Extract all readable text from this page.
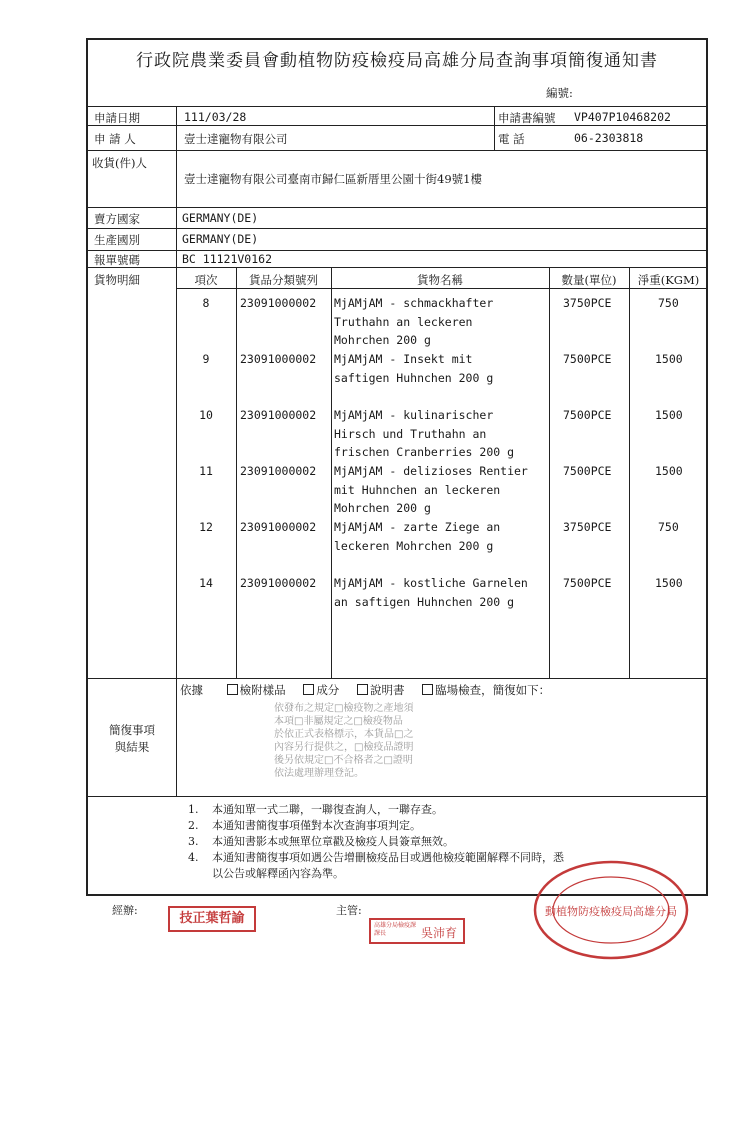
行政院農業委員會動植物防疫檢疫局高雄分局查詢事項簡復通知書
編號:
申請日期	111/03/28	申請書編號 VP407P10468202
申 請 人	壹士達寵物有限公司	電 話	06-2303818
收貨(件)人
壹士達寵物有限公司臺南市歸仁區新厝里公園十街49號1樓
賣方國家	GERMANY(DE)
生產國別	GERMANY(DE)
報單號碼	BC 11121V0162
貨物明細	項次	貨品分類號列	貨物名稱	數量(單位)	淨重(KGM)
8	23091000002 MjAMjAM - schmackhafter
Truthahn an leckeren
Mohrchen 200 g
3750PCE	750
9	23091000002 MjAMjAM - Insekt mit
saftigen Huhnchen 200 g
7500PCE	1500
10	23091000002 MjAMjAM - kulinarischer
Hirsch und Truthahn an
frischen Cranberries 200 g
7500PCE	1500
11	23091000002 MjAMjAM - delizioses Rentier
mit Huhnchen an leckeren
Mohrchen 200 g
7500PCE	1500
12	23091000002 MjAMjAM - zarte Ziege an
leckeren Mohrchen 200 g
3750PCE	750
14	23091000002 MjAMjAM - kostliche Garnelen
an saftigen Huhnchen 200 g
7500PCE	1500
簡復事項
與結果
依據	檢附樣品	成分	說明書	臨場檢查，簡復如下：
依發布之規定□檢疫物之產地須
本項□非屬規定之□檢疫物品
於依正式表格標示，本貨品□之
內容另行提供之，□檢疫品證明
後另依規定□不合格者之□證明
依法處理辦理登記。
1. 本通知單一式二聯，一聯復查詢人，一聯存查。
2. 本通知書簡復事項僅對本次查詢事項判定。
3. 本通知書影本或無單位章戳及檢疫人員簽章無效。
4. 本通知書簡復事項如遇公告增刪檢疫品目或遇他檢疫範圍解釋不同時，悉
以公告或解釋函內容為準。
經辦:
技正葉哲諭
主管:
高雄分局檢疫課
課長	吳沛育
動植物防疫檢疫局高雄分局
